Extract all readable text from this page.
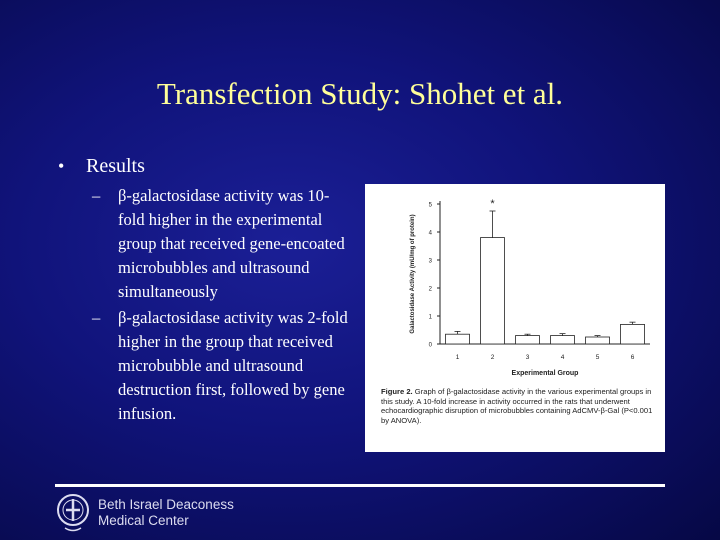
Transfection Study: Shohet et al.
•	Results
–	β-galactosidase activity was 10-fold higher in the experimental group that received gene-encoated microbubbles and ultrasound simultaneously
–	β-galactosidase activity was 2-fold higher in the group that received microbubble and ultrasound destruction first, followed by gene infusion.
0
1
2
3
4
5
1	2	3	4	5	6
*
Experimental Group
Galactosidase Activity (mU/mg of protein)
Figure 2. Graph of β-galactosidase activity in the various experimental groups in this study. A 10-fold increase in activity occurred in the rats that underwent echocardiographic disruption of microbubbles containing AdCMV-β-Gal (P<0.001 by ANOVA).
Beth Israel Deaconess
Medical Center
